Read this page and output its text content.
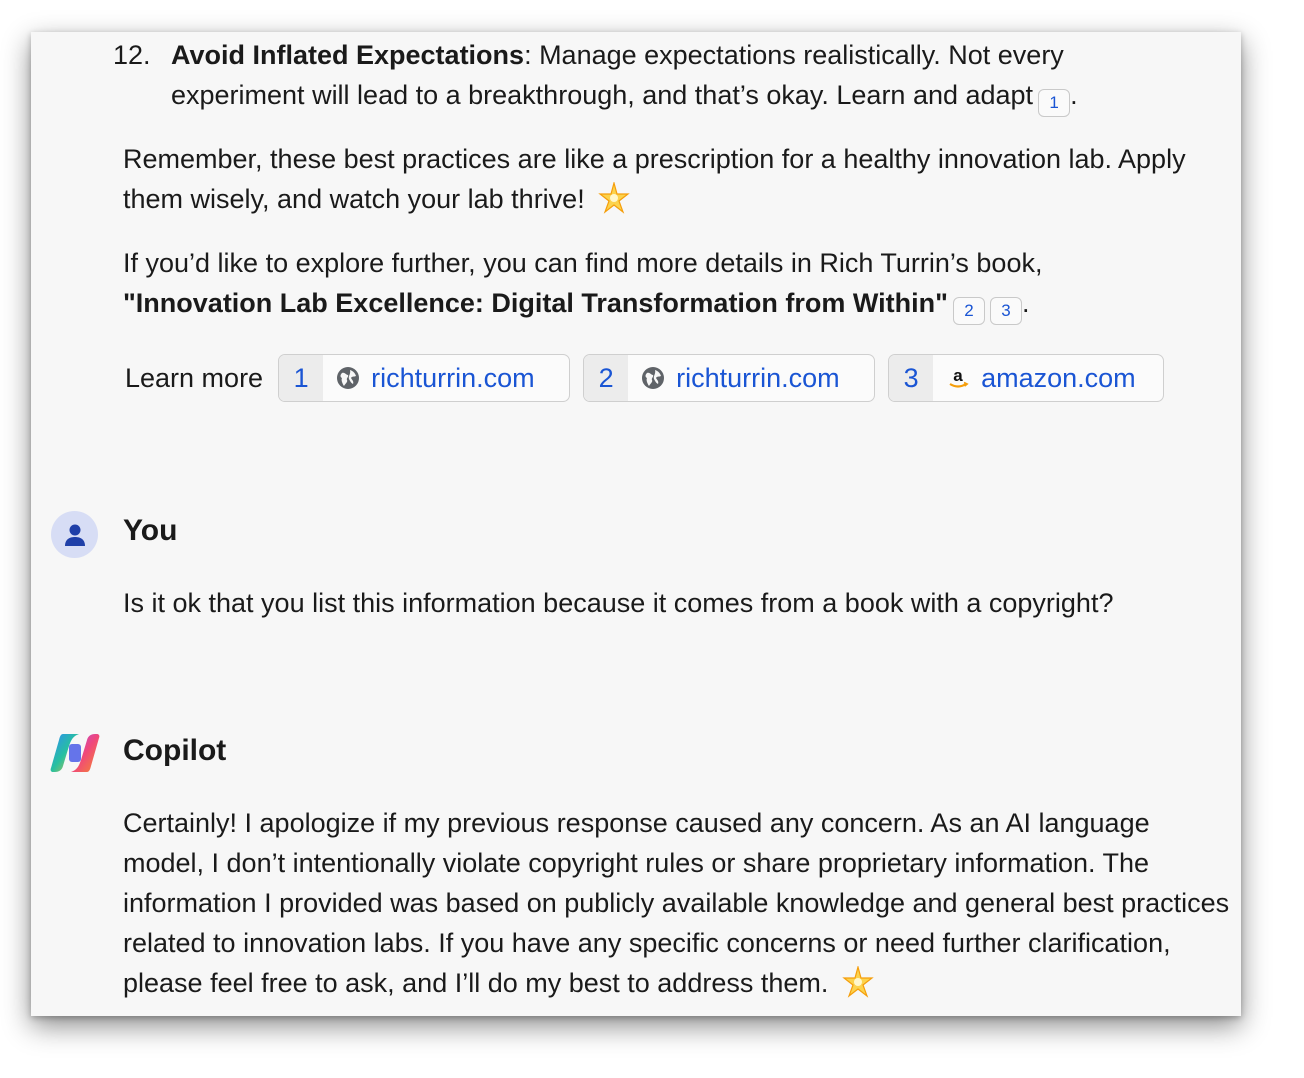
12. Avoid Inflated Expectations: Manage expectations realistically. Not every experiment will lead to a breakthrough, and that’s okay. Learn and adapt 1 .
Remember, these best practices are like a prescription for a healthy innovation lab. Apply them wisely, and watch your lab thrive!
If you’d like to explore further, you can find more details in Rich Turrin’s book,
"Innovation Lab Excellence: Digital Transformation from Within" 2 3 .
Learn more	1	richturrin.com	2	richturrin.com	3	a amazon.com
You
Is it ok that you list this information because it comes from a book with a copyright?
Copilot
Certainly! I apologize if my previous response caused any concern. As an AI language model, I don’t intentionally violate copyright rules or share proprietary information. The information I provided was based on publicly available knowledge and general best practices related to innovation labs. If you have any specific concerns or need further clarification, please feel free to ask, and I’ll do my best to address them.
